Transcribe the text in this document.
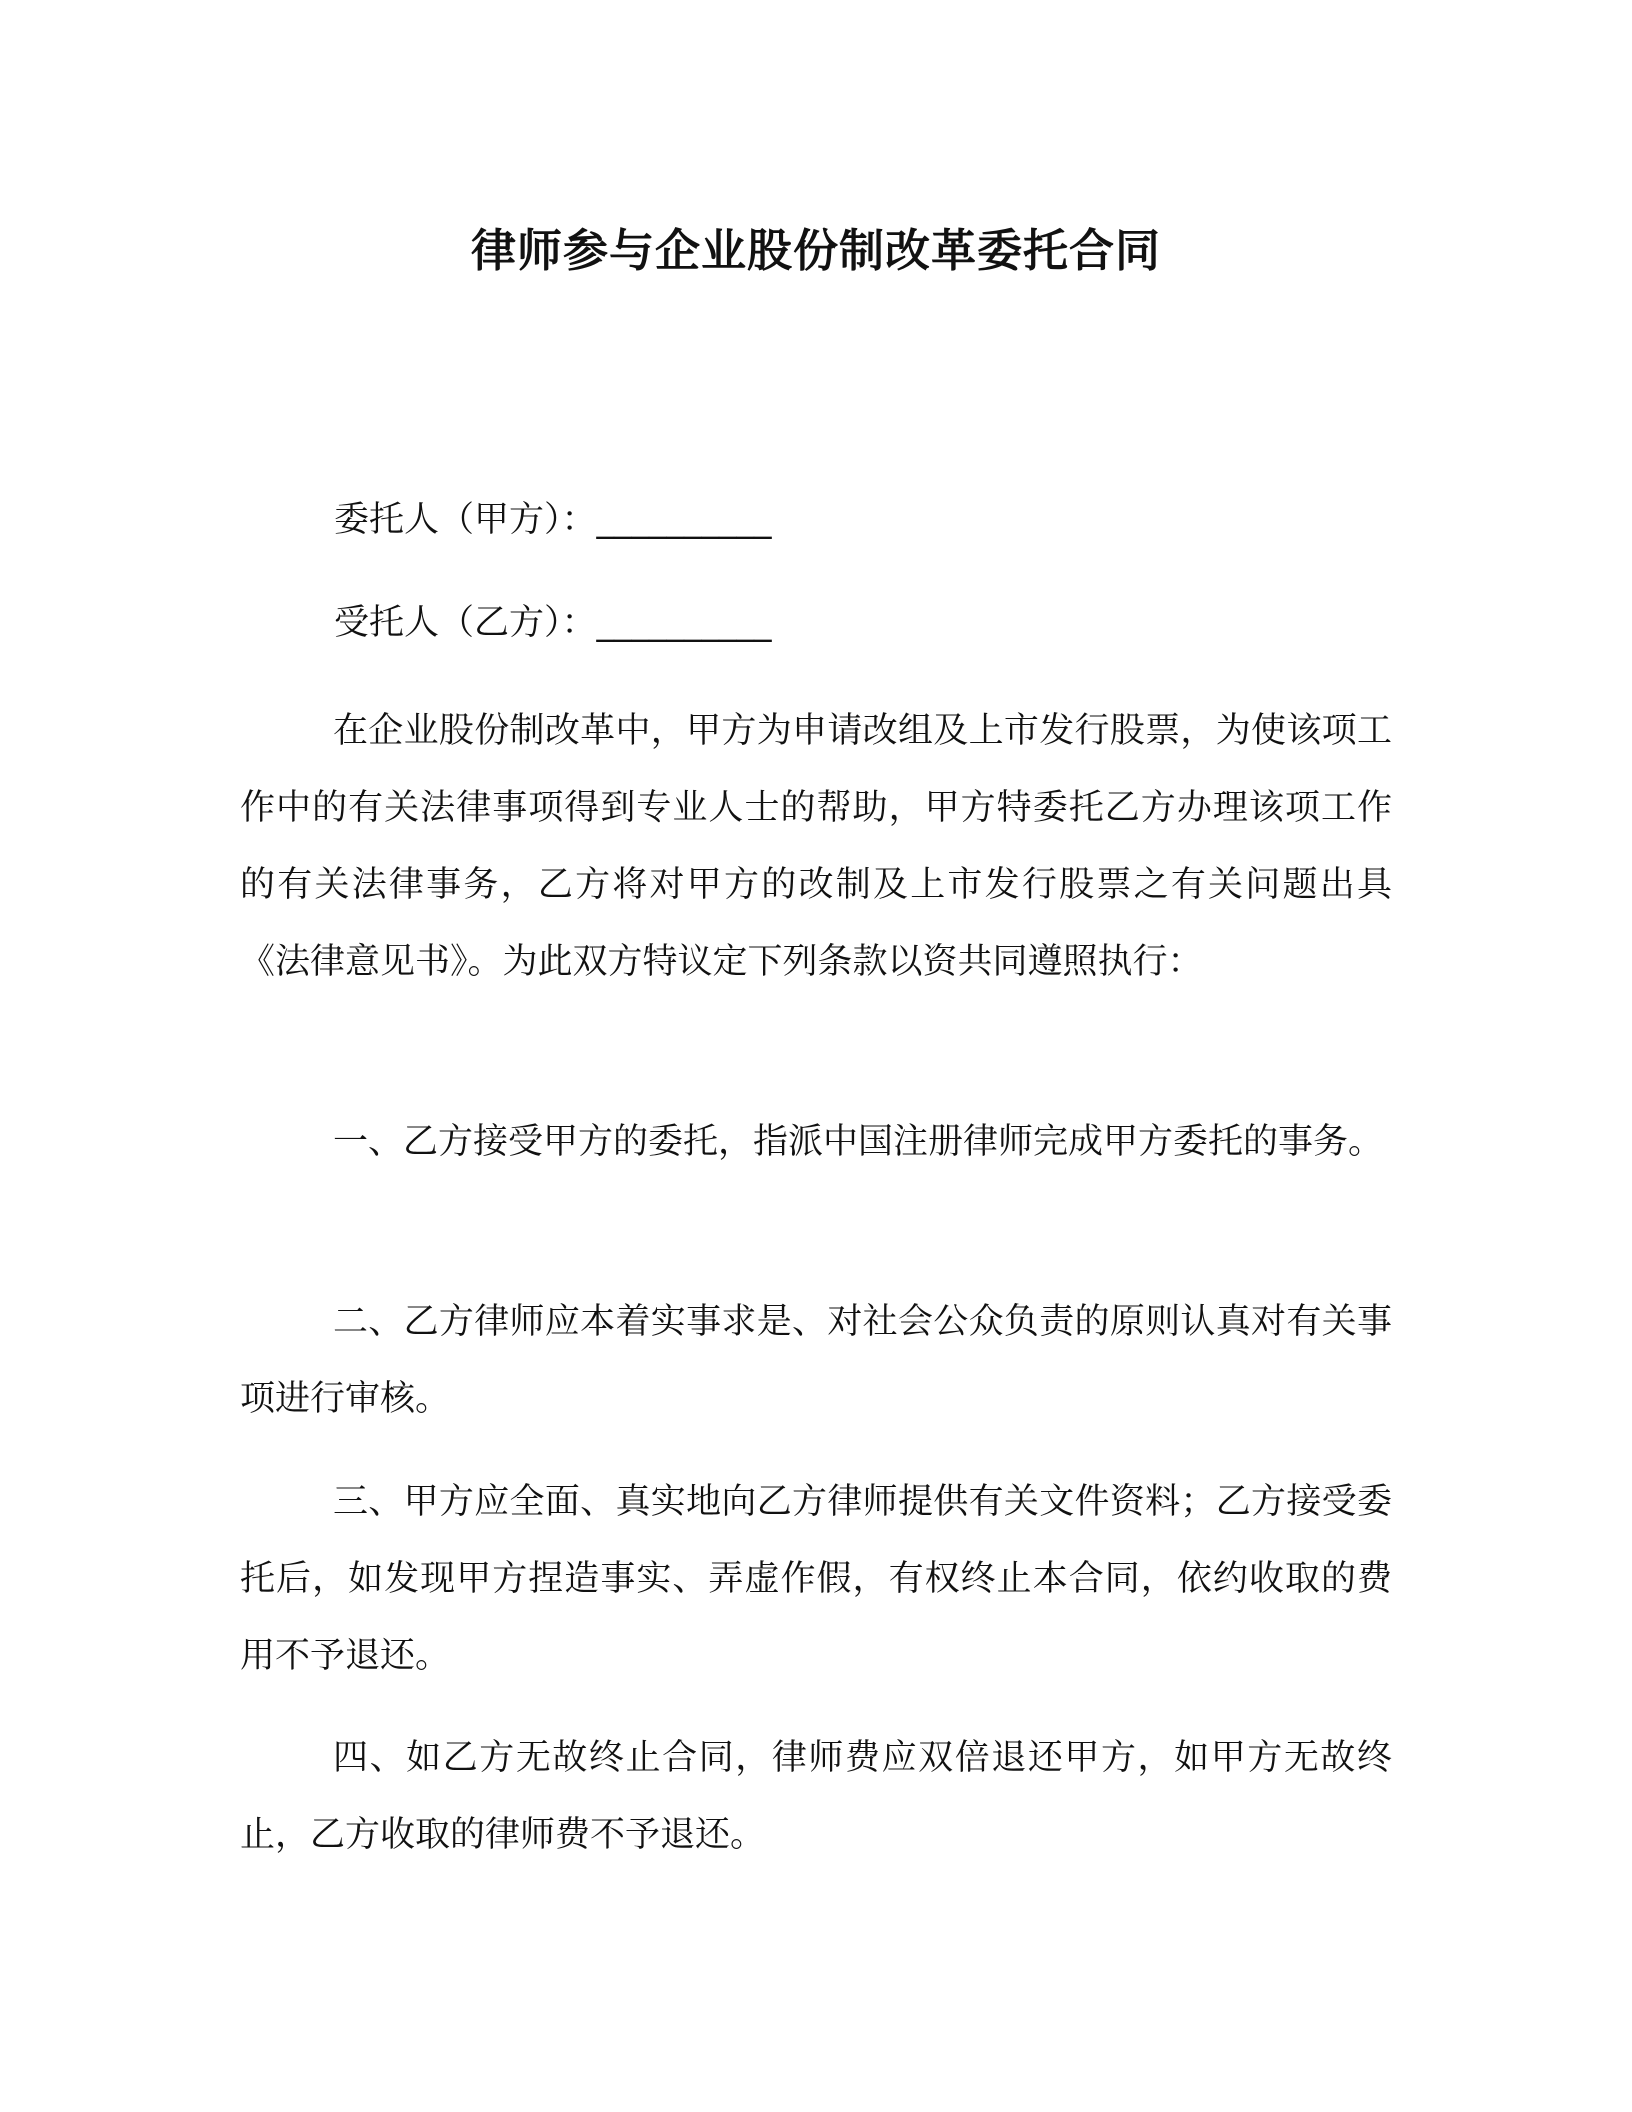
律师参与企业股份制改革委托合同
委托人（甲方）：__________
受托人（乙方）：__________

在企业股份制改革中，甲方为申请改组及上市发行股票，为使该项工作中的有关法律事项得到专业人士的帮助，甲方特委托乙方办理该项工作的有关法律事务，乙方将对甲方的改制及上市发行股票之有关问题出具《法律意见书》。为此双方特议定下列条款以资共同遵照执行：

一、乙方接受甲方的委托，指派中国注册律师完成甲方委托的事务。

二、乙方律师应本着实事求是、对社会公众负责的原则认真对有关事项进行审核。

三、甲方应全面、真实地向乙方律师提供有关文件资料；乙方接受委托后，如发现甲方捏造事实、弄虚作假，有权终止本合同，依约收取的费用不予退还。

四、如乙方无故终止合同，律师费应双倍退还甲方，如甲方无故终止，乙方收取的律师费不予退还。
